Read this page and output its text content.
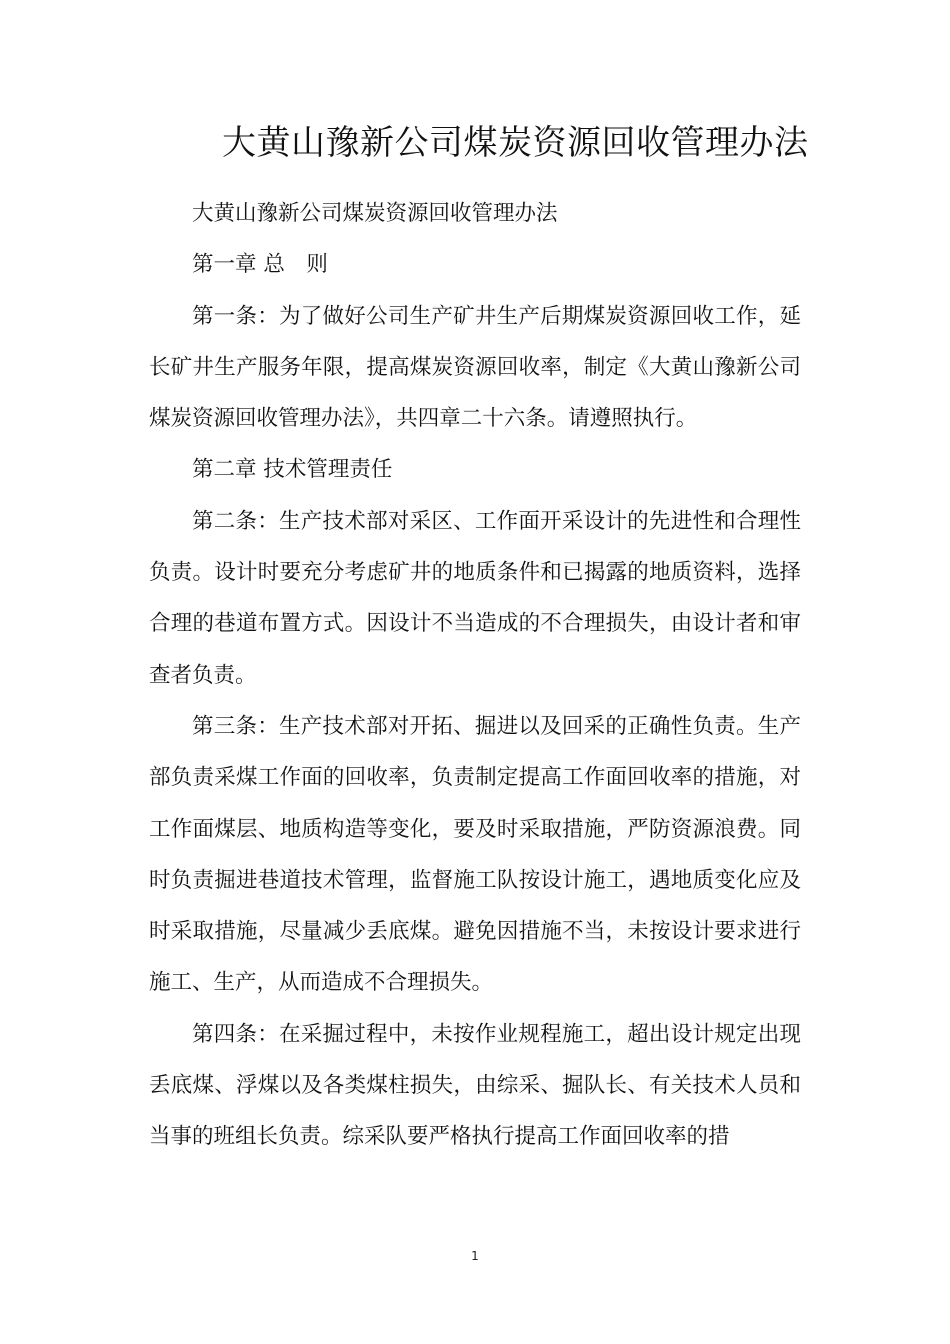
大黄山豫新公司煤炭资源回收管理办法

大黄山豫新公司煤炭资源回收管理办法

第一章 总　则

第一条：为了做好公司生产矿井生产后期煤炭资源回收工作，延长矿井生产服务年限，提高煤炭资源回收率，制定《大黄山豫新公司煤炭资源回收管理办法》，共四章二十六条。请遵照执行。

第二章 技术管理责任

第二条：生产技术部对采区、工作面开采设计的先进性和合理性负责。设计时要充分考虑矿井的地质条件和已揭露的地质资料，选择合理的巷道布置方式。因设计不当造成的不合理损失，由设计者和审查者负责。

第三条：生产技术部对开拓、掘进以及回采的正确性负责。生产部负责采煤工作面的回收率，负责制定提高工作面回收率的措施，对工作面煤层、地质构造等变化，要及时采取措施，严防资源浪费。同时负责掘进巷道技术管理，监督施工队按设计施工，遇地质变化应及时采取措施，尽量减少丢底煤。避免因措施不当，未按设计要求进行施工、生产，从而造成不合理损失。

第四条：在采掘过程中，未按作业规程施工，超出设计规定出现丢底煤、浮煤以及各类煤柱损失，由综采、掘队长、有关技术人员和当事的班组长负责。综采队要严格执行提高工作面回收率的措

1
